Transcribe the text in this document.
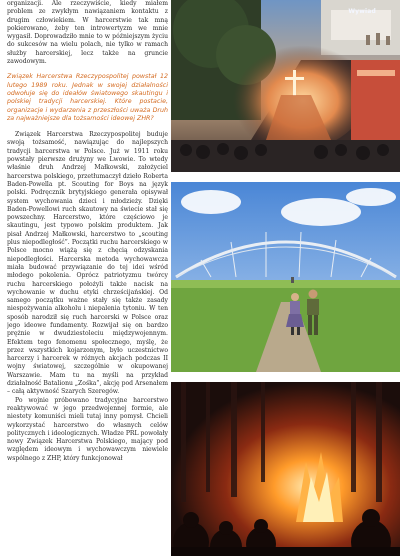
organizacji. Ale rzeczywiście, kiedy miałem problem ze zwykłym nawiązaniem kontaktu z drugim człowiekiem. W harcerstwie tak mną pokierowano, żeby ten introwertyzm we mnie wygasił. Doprowadziło mnie to w późniejszym życiu do sukcesów na wielu polach, nie tylko w ramach służby harcerskiej, lecz także na gruncie zawodowym.

Związek Harcerstwa Rzeczypospolitej powstał 12 lutego 1989 roku. Jednak w swojej działalności odwołuje się do ideałów światowego skautingu i polskiej tradycji harcerskiej. Które postacie, organizacje i wydarzenia z przeszłości uważa Druh za najważniejsze dla tożsamości ideowej ZHR?

Związek Harcerstwa Rzeczypospolitej buduje swoją tożsamość, nawiązując do najlepszych tradycji harcerstwa w Polsce. Już w 1911 roku powstały pierwsze drużyny we Lwowie. To wtedy właśnie druh Andrzej Małkowski, założyciel harcerstwa polskiego, przetłumaczył dzieło Roberta Baden-Powella pt. Scouting for Boys na język polski. Podręcznik brytyjskiego generała opisywał system wychowania dzieci i młodzieży. Dzięki Baden-Powellowi ruch skautowy na świecie stał się powszechny. Harcerstwo, które częściowo je skautingu, jest typowo polskim produktem. Jak pisał Andrzej Małkowski, harcerstwo to „scouting plus niepodległość”. Początki ruchu harcerskiego w Polsce mocno wiążą się z chęcią odzyskania niepodległości. Harcerska metoda wychowawcza miała budować przywiązanie do tej idei wśród młodego pokolenia. Oprócz patriotyzmu twórcy ruchu harcerskiego położyli także nacisk na wychowanie w duchu etyki chrześcijańskiej. Od samego początku ważne stały się także zasady niespożywania alkoholu i niepalenia tytoniu. W ten sposób narodził się ruch harcerski w Polsce oraz jego ideowe fundamenty. Rozwijał się on bardzo prężnie w dwudziestoleciu międzywojennym. Efektem tego fenomenu społecznego, myślę, że przez wszystkich kojarzonym, było uczestnictwo harcerzy i harcerek w różnych akcjach podczas II wojny światowej, szczególnie w okupowanej Warszawie. Mam tu na myśli na przykład działalność Batalionu „Zośka”, akcję pod Arsenałem – całą aktywność Szarych Szeregów.

Po wojnie próbowano tradycyjne harcerstwo reaktywować w jego przedwojennej formie, ale niestety komuniści mieli tutaj inny pomysł. Chcieli wykorzystać harcerstwo do własnych celów politycznych i ideologicznych. Władze PRL powołały nowy Związek Harcerstwa Polskiego, mający pod względem ideowym i wychowawczym niewiele wspólnego z ZHP, który funkcjonował

Wywiad
